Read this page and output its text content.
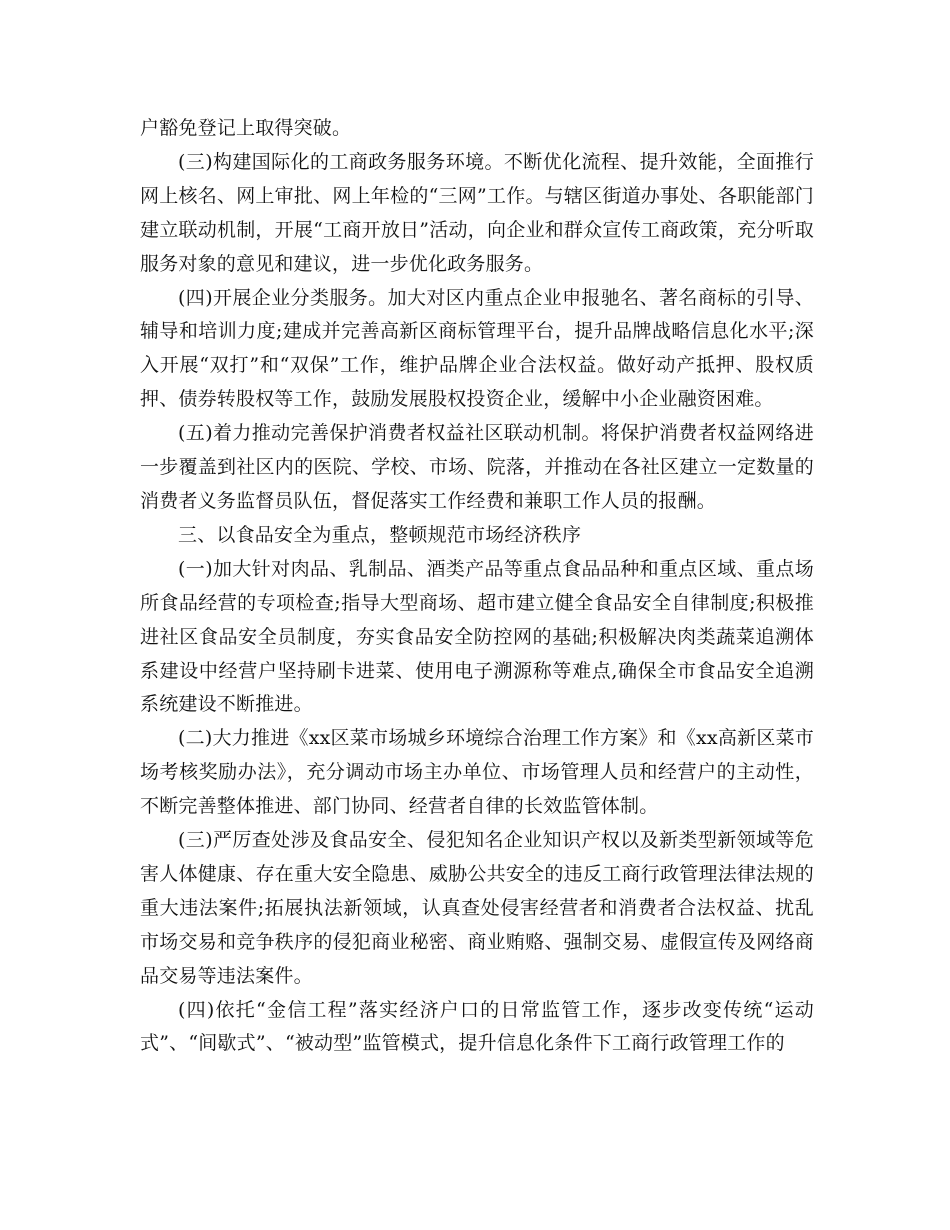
户豁免登记上取得突破。

(三)构建国际化的工商政务服务环境。不断优化流程、提升效能，全面推行网上核名、网上审批、网上年检的“三网”工作。与辖区街道办事处、各职能部门建立联动机制，开展“工商开放日”活动，向企业和群众宣传工商政策，充分听取服务对象的意见和建议，进一步优化政务服务。

(四)开展企业分类服务。加大对区内重点企业申报驰名、著名商标的引导、辅导和培训力度;建成并完善高新区商标管理平台，提升品牌战略信息化水平;深入开展“双打”和“双保”工作，维护品牌企业合法权益。做好动产抵押、股权质押、债券转股权等工作，鼓励发展股权投资企业，缓解中小企业融资困难。

(五)着力推动完善保护消费者权益社区联动机制。将保护消费者权益网络进一步覆盖到社区内的医院、学校、市场、院落，并推动在各社区建立一定数量的消费者义务监督员队伍，督促落实工作经费和兼职工作人员的报酬。

三、以食品安全为重点，整顿规范市场经济秩序

(一)加大针对肉品、乳制品、酒类产品等重点食品品种和重点区域、重点场所食品经营的专项检查;指导大型商场、超市建立健全食品安全自律制度;积极推进社区食品安全员制度，夯实食品安全防控网的基础;积极解决肉类蔬菜追溯体系建设中经营户坚持刷卡进菜、使用电子溯源称等难点,确保全市食品安全追溯系统建设不断推进。

(二)大力推进《xx区菜市场城乡环境综合治理工作方案》和《xx高新区菜市场考核奖励办法》，充分调动市场主办单位、市场管理人员和经营户的主动性，不断完善整体推进、部门协同、经营者自律的长效监管体制。

(三)严厉查处涉及食品安全、侵犯知名企业知识产权以及新类型新领域等危害人体健康、存在重大安全隐患、威胁公共安全的违反工商行政管理法律法规的重大违法案件;拓展执法新领域，认真查处侵害经营者和消费者合法权益、扰乱市场交易和竞争秩序的侵犯商业秘密、商业贿赂、强制交易、虚假宣传及网络商品交易等违法案件。

(四)依托“金信工程”落实经济户口的日常监管工作，逐步改变传统“运动式”、“间歇式”、“被动型”监管模式，提升信息化条件下工商行政管理工作的
